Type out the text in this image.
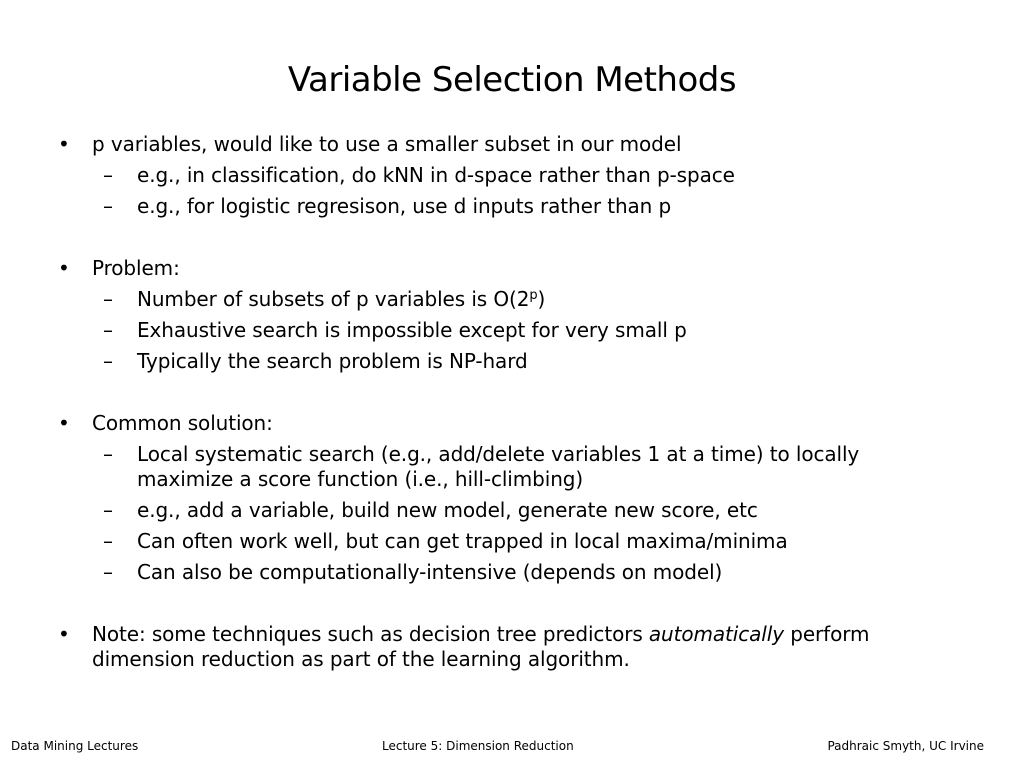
Variable Selection Methods
• p variables, would like to use a smaller subset in our model
– e.g., in classification, do kNN in d-space rather than p-space
– e.g., for logistic regresison, use d inputs rather than p
• Problem:
– Number of subsets of p variables is O(2$^p$)
– Exhaustive search is impossible except for very small p
– Typically the search problem is NP-hard
• Common solution:
– Local systematic search (e.g., add/delete variables 1 at a time) to locally maximize a score function (i.e., hill-climbing)
– e.g., add a variable, build new model, generate new score, etc
– Can often work well, but can get trapped in local maxima/minima
– Can also be computationally-intensive (depends on model)
• Note: some techniques such as decision tree predictors automatically perform dimension reduction as part of the learning algorithm.
Data Mining Lectures	Lecture 5: Dimension Reduction	Padhraic Smyth, UC Irvine
